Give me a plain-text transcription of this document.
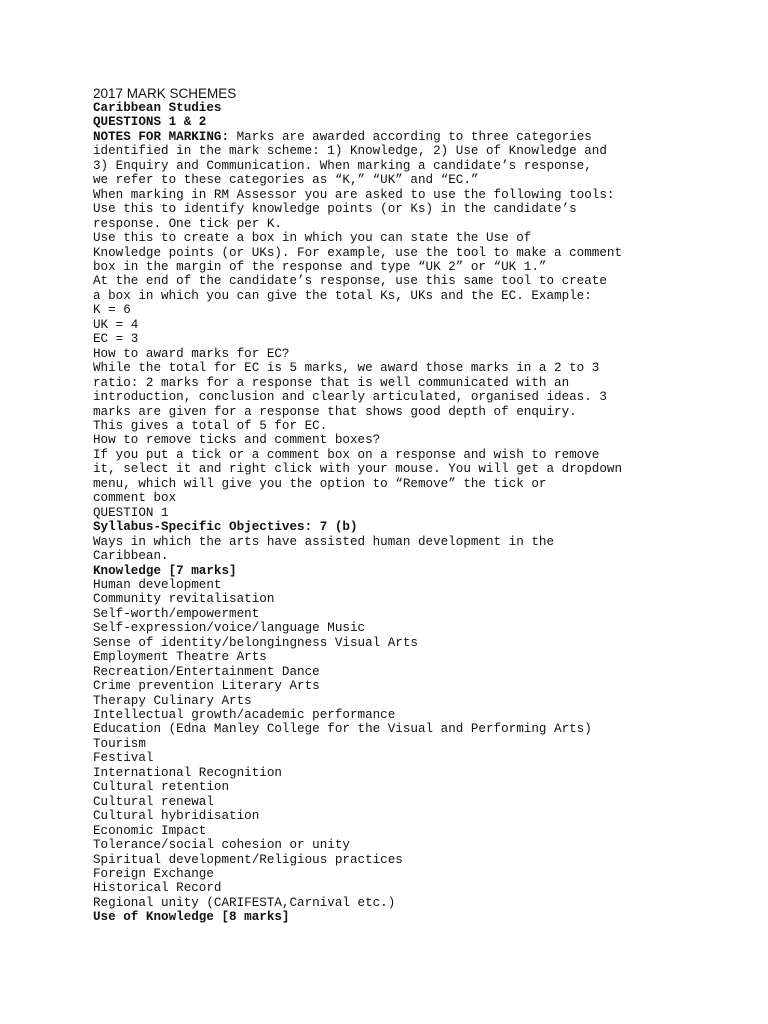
2017 MARK SCHEMES
Caribbean Studies
QUESTIONS 1 & 2
NOTES FOR MARKING: Marks are awarded according to three categories
identified in the mark scheme: 1) Knowledge, 2) Use of Knowledge and
3) Enquiry and Communication. When marking a candidate’s response,
we refer to these categories as “K,” “UK” and “EC.”
When marking in RM Assessor you are asked to use the following tools:
Use this to identify knowledge points (or Ks) in the candidate’s
response. One tick per K.
Use this to create a box in which you can state the Use of
Knowledge points (or UKs). For example, use the tool to make a comment
box in the margin of the response and type “UK 2” or “UK 1.”
At the end of the candidate’s response, use this same tool to create
a box in which you can give the total Ks, UKs and the EC. Example:
K = 6
UK = 4
EC = 3
How to award marks for EC?
While the total for EC is 5 marks, we award those marks in a 2 to 3
ratio: 2 marks for a response that is well communicated with an
introduction, conclusion and clearly articulated, organised ideas. 3
marks are given for a response that shows good depth of enquiry.
This gives a total of 5 for EC.
How to remove ticks and comment boxes?
If you put a tick or a comment box on a response and wish to remove
it, select it and right click with your mouse. You will get a dropdown
menu, which will give you the option to “Remove” the tick or
comment box
QUESTION 1
Syllabus-Specific Objectives: 7 (b)
Ways in which the arts have assisted human development in the
Caribbean.
Knowledge [7 marks]
Human development
Community revitalisation
Self-worth/empowerment
Self-expression/voice/language Music
Sense of identity/belongingness Visual Arts
Employment Theatre Arts
Recreation/Entertainment Dance
Crime prevention Literary Arts
Therapy Culinary Arts
Intellectual growth/academic performance
Education (Edna Manley College for the Visual and Performing Arts)
Tourism
Festival
International Recognition
Cultural retention
Cultural renewal
Cultural hybridisation
Economic Impact
Tolerance/social cohesion or unity
Spiritual development/Religious practices
Foreign Exchange
Historical Record
Regional unity (CARIFESTA,Carnival etc.)
Use of Knowledge [8 marks]
